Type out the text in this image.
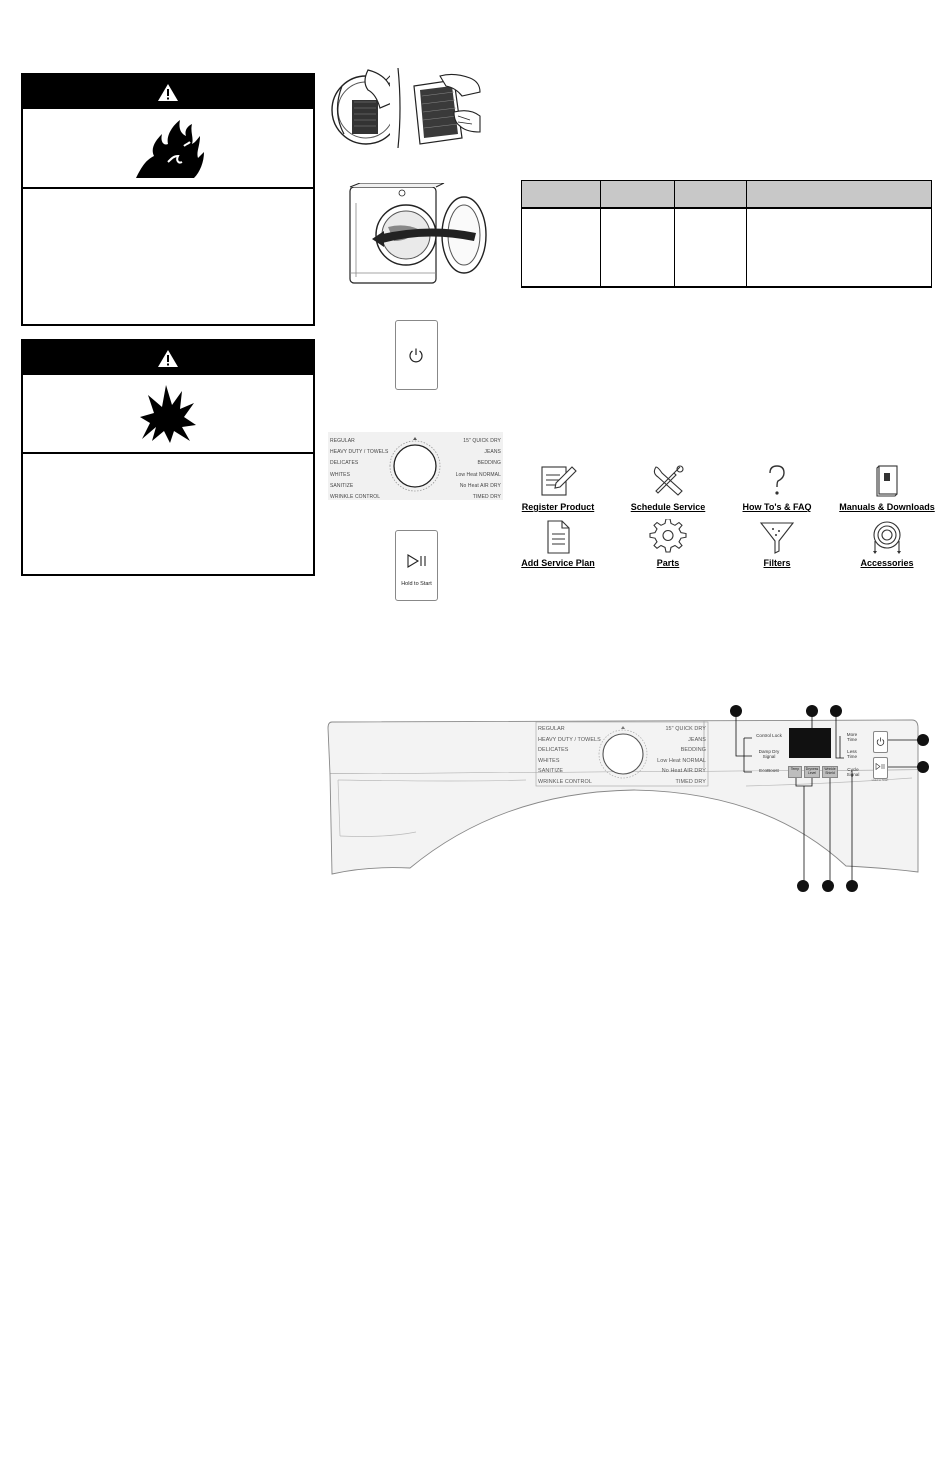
REGULAR
HEAVY DUTY / TOWELS
DELICATES
WHITES
SANITIZE
WRINKLE CONTROL
15" QUICK DRY
JEANS
BEDDING
Low Heat NORMAL
No Heat AIR DRY
TIMED DRY
Hold to Start

Register Product	Schedule Service	How To's & FAQ	Manuals & Downloads
Add Service Plan	Parts	Filters	Accessories
REGULAR
HEAVY DUTY / TOWELS
DELICATES
WHITES
SANITIZE
WRINKLE CONTROL
15" QUICK DRY
JEANS
BEDDING
Low Heat NORMAL
No Heat AIR DRY
TIMED DRY
Control Lock
Damp Dry Signal
EcoBoost
More Time
Less Time
Cycle Signal
Temp	Dryness Level
Wrinkle Shield
Hold to Start
